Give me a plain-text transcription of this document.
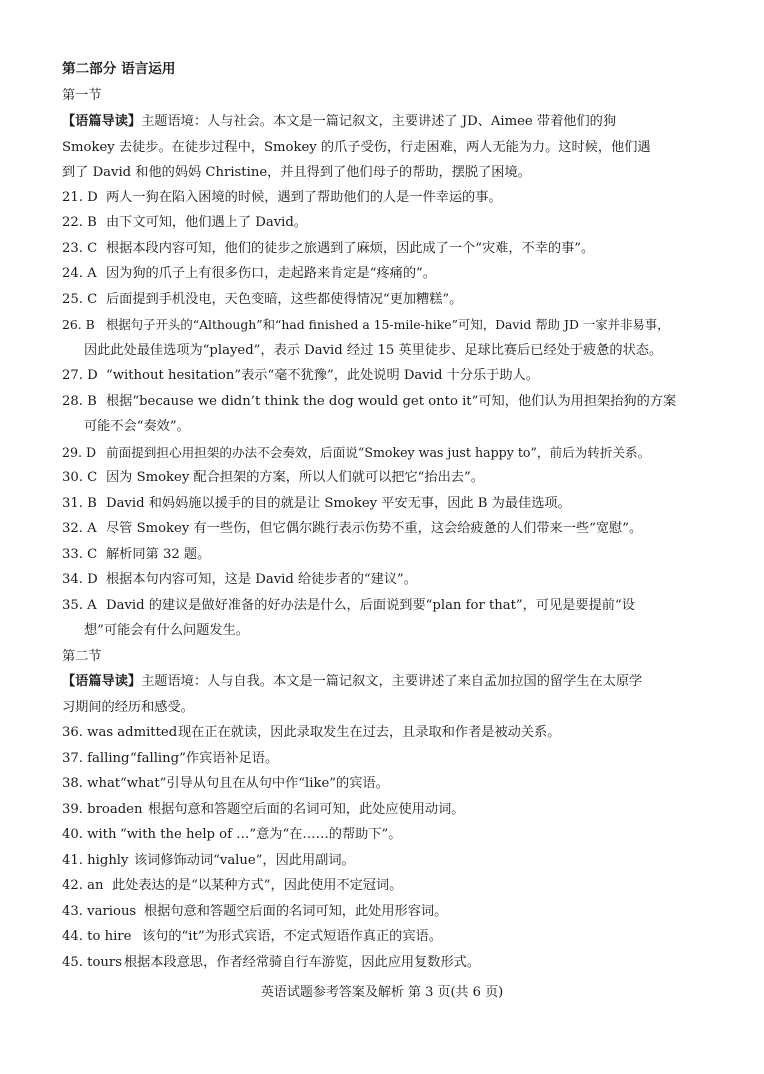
第二部分 语言运用
第一节
【语篇导读】主题语境：人与社会。本文是一篇记叙文，主要讲述了 JD、Aimee 带着他们的狗
Smokey 去徒步。在徒步过程中，Smokey 的爪子受伤，行走困难，两人无能为力。这时候，他们遇
到了 David 和他的妈妈 Christine，并且得到了他们母子的帮助，摆脱了困境。
21. D 两人一狗在陷入困境的时候，遇到了帮助他们的人是一件幸运的事。
22. B 由下文可知，他们遇上了 David。
23. C 根据本段内容可知，他们的徒步之旅遇到了麻烦，因此成了一个“灾难，不幸的事”。
24. A 因为狗的爪子上有很多伤口，走起路来肯定是“疼痛的”。
25. C 后面提到手机没电，天色变暗，这些都使得情况“更加糟糕”。
26. B 根据句子开头的“Although”和“had finished a 15-mile-hike”可知，David 帮助 JD 一家并非易事，
因此此处最佳选项为“played”，表示 David 经过 15 英里徒步、足球比赛后已经处于疲惫的状态。
27. D “without hesitation”表示“毫不犹豫”，此处说明 David 十分乐于助人。
28. B 根据“because we didn’t think the dog would get onto it”可知，他们认为用担架抬狗的方案
可能不会“奏效”。
29. D 前面提到担心用担架的办法不会奏效，后面说“Smokey was just happy to”，前后为转折关系。
30. C 因为 Smokey 配合担架的方案，所以人们就可以把它“抬出去”。
31. B David 和妈妈施以援手的目的就是让 Smokey 平安无事，因此 B 为最佳选项。
32. A 尽管 Smokey 有一些伤，但它偶尔跳行表示伤势不重，这会给疲惫的人们带来一些“宽慰”。
33. C 解析同第 32 题。
34. D 根据本句内容可知，这是 David 给徒步者的“建议”。
35. A David 的建议是做好准备的好办法是什么，后面说到要“plan for that”，可见是要提前“设
想”可能会有什么问题发生。
第二节
【语篇导读】主题语境：人与自我。本文是一篇记叙文，主要讲述了来自孟加拉国的留学生在太原学
习期间的经历和感受。
36. was admitted现在正在就读，因此录取发生在过去，且录取和作者是被动关系。
37. falling“falling”作宾语补足语。
38. what“what”引导从句且在从句中作“like”的宾语。
39. broaden 根据句意和答题空后面的名词可知，此处应使用动词。
40. with “with the help of …”意为“在……的帮助下”。
41. highly 该词修饰动词“value”，因此用副词。
42. an 此处表达的是“以某种方式”，因此使用不定冠词。
43. various 根据句意和答题空后面的名词可知，此处用形容词。
44. to hire 该句的“it”为形式宾语，不定式短语作真正的宾语。
45. tours 根据本段意思，作者经常骑自行车游览，因此应用复数形式。
英语试题参考答案及解析 第 3 页(共 6 页)
